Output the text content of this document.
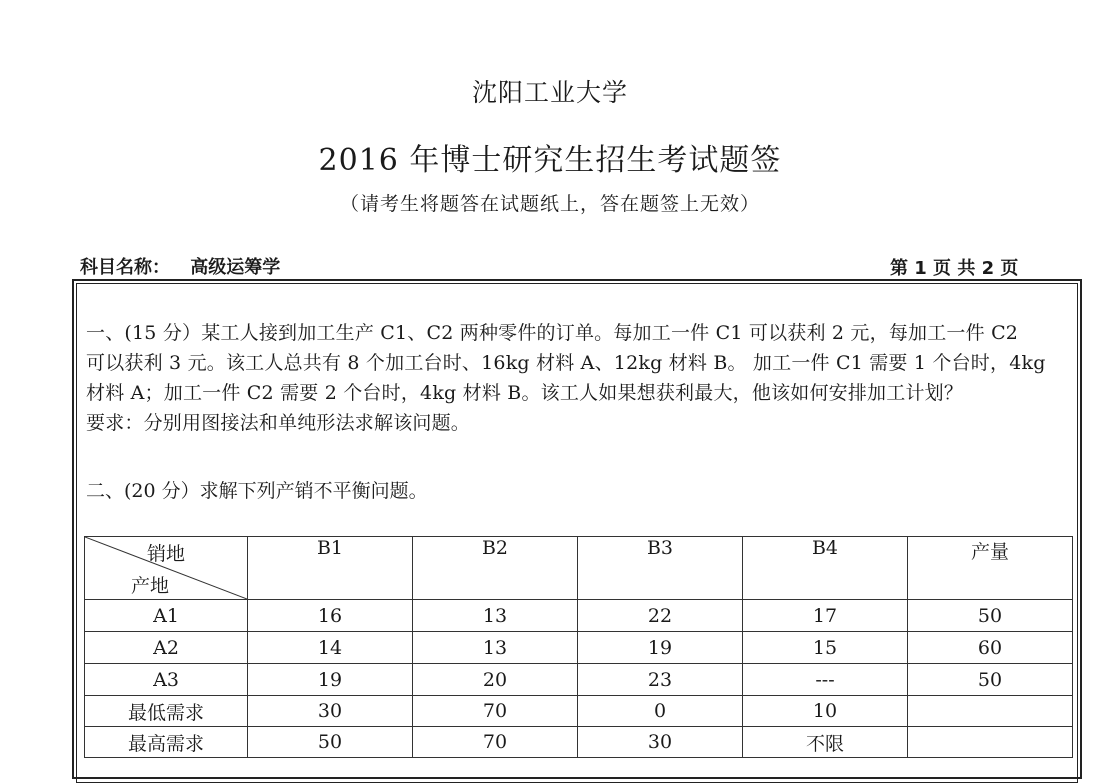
沈阳工业大学
2016 年博士研究生招生考试题签
（请考生将题答在试题纸上，答在题签上无效）
科目名称： 高级运筹学	第 1 页 共 2 页

一、(15 分）某工人接到加工生产 C1、C2 两种零件的订单。每加工一件 C1 可以获利 2 元，每加工一件 C2

可以获利 3 元。该工人总共有 8 个加工台时、16kg 材料 A、12kg 材料 B。 加工一件 C1 需要 1 个台时，4kg

材料 A；加工一件 C2 需要 2 个台时，4kg 材料 B。该工人如果想获利最大，他该如何安排加工计划？

要求：分别用图接法和单纯形法求解该问题。

二、(20 分）求解下列产销不平衡问题。
销地
产地	B1	B2	B3	B4	产量
A1	16	13	22	17	50
A2	14	13	19	15	60
A3	19	20	23	---	50
最低需求	30	70	0	10	
最高需求	50	70	30	不限	
